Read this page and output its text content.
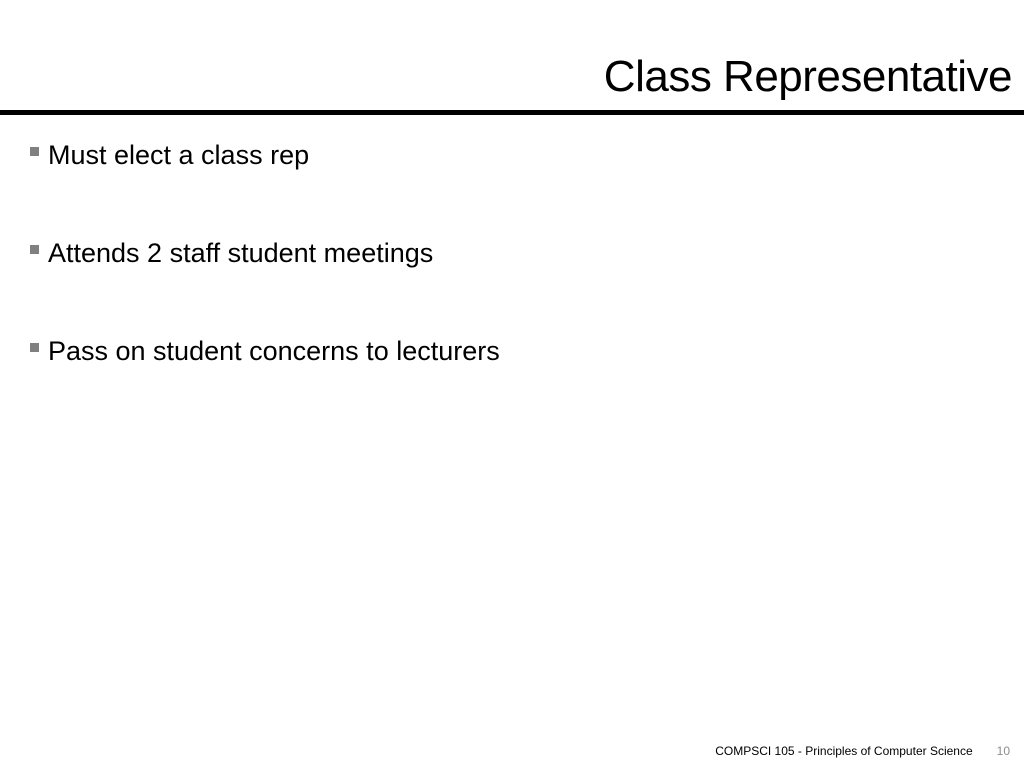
Class Representative
Must elect a class rep
Attends 2 staff student meetings
Pass on student concerns to lecturers
COMPSCI 105 - Principles of Computer Science 10
